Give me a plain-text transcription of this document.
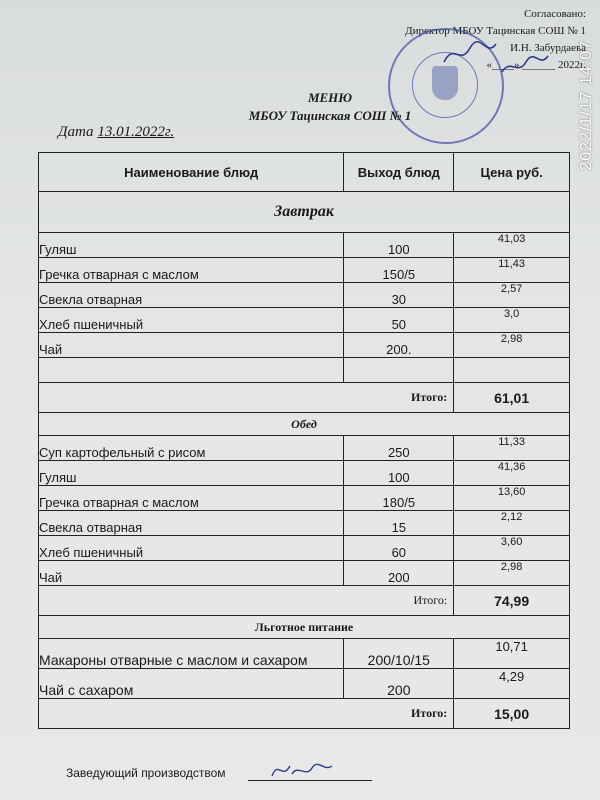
Согласовано:
Директор МБОУ Тацинская СОШ № 1
И.Н. Забурдаева
«____» ______ 2022г.
2022/1/17 14:07
МЕНЮ
МБОУ Тацинская СОШ № 1
Дата 13.01.2022г.
Наименование блюд	Выход блюд	Цена руб.
Завтрак		
Гуляш	100	41,03
Гречка отварная с маслом	150/5	11,43
Свекла отварная	30	2,57
Хлеб пшеничный	50	3,0
Чай	200.	2,98

Итого:		61,01
Обед		
Суп картофельный с рисом	250	11,33
Гуляш	100	41,36
Гречка отварная с маслом	180/5	13,60
Свекла отварная	15	2,12
Хлеб пшеничный	60	3,60
Чай	200	2,98
Итого:		74,99
Льготное питание		
Макароны отварные с маслом и сахаром	200/10/15	10,71
Чай с сахаром	200	4,29
Итого:		15,00
Заведующий производством
